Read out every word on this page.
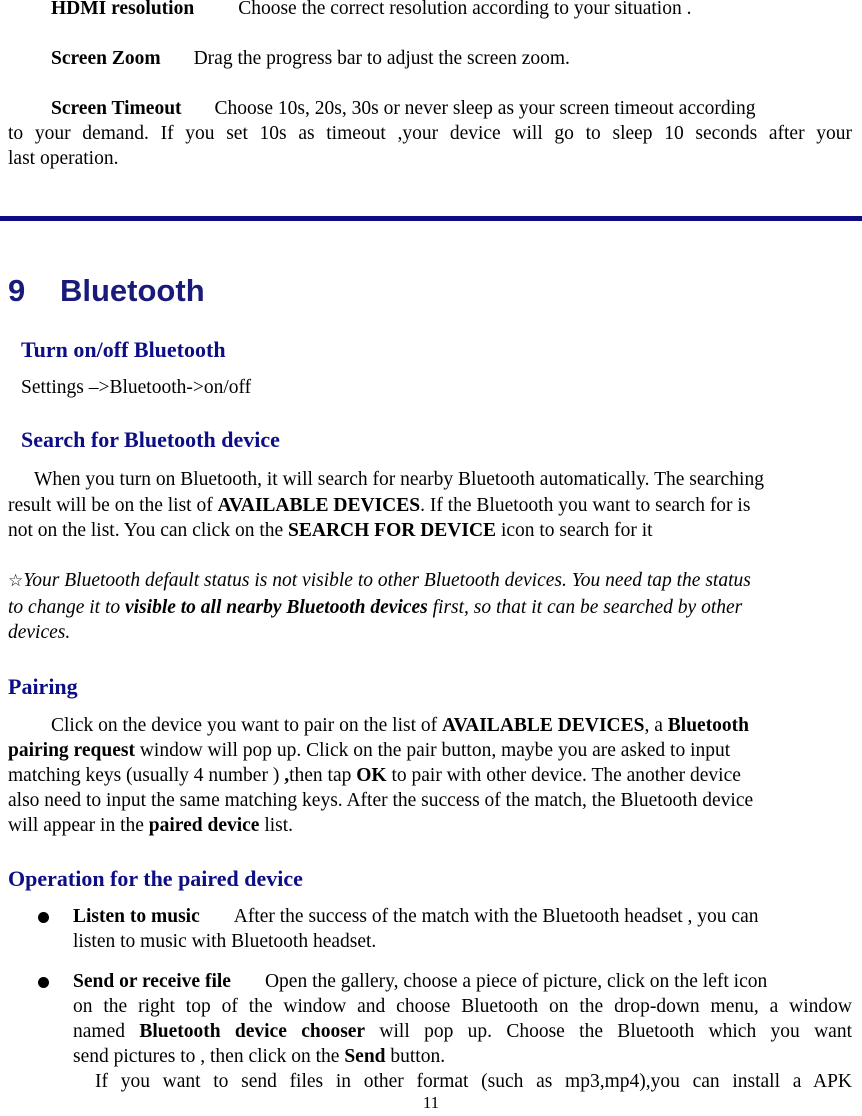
HDMI resolution Choose the correct resolution according to your situation .
Screen Zoom Drag the progress bar to adjust the screen zoom.
Screen Timeout Choose 10s, 20s, 30s or never sleep as your screen timeout according
to your demand. If you set 10s as timeout ,your device will go to sleep 10 seconds after your
last operation.
9 Bluetooth
Turn on/off Bluetooth
Settings –>Bluetooth->on/off
Search for Bluetooth device
When you turn on Bluetooth, it will search for nearby Bluetooth automatically. The searching
result will be on the list of AVAILABLE DEVICES. If the Bluetooth you want to search for is
not on the list. You can click on the SEARCH FOR DEVICE icon to search for it
☆Your Bluetooth default status is not visible to other Bluetooth devices. You need tap the status
to change it to visible to all nearby Bluetooth devices first, so that it can be searched by other
devices.
Pairing
Click on the device you want to pair on the list of AVAILABLE DEVICES, a Bluetooth
pairing request window will pop up. Click on the pair button, maybe you are asked to input
matching keys (usually 4 number ) ,then tap OK to pair with other device. The another device
also need to input the same matching keys. After the success of the match, the Bluetooth device
will appear in the paired device list.
Operation for the paired device
Listen to music After the success of the match with the Bluetooth headset , you can
listen to music with Bluetooth headset.
Send or receive file Open the gallery, choose a piece of picture, click on the left icon
on the right top of the window and choose Bluetooth on the drop-down menu, a window
named Bluetooth device chooser will pop up. Choose the Bluetooth which you want
send pictures to , then click on the Send button.
If you want to send files in other format (such as mp3,mp4),you can install a APK
11
